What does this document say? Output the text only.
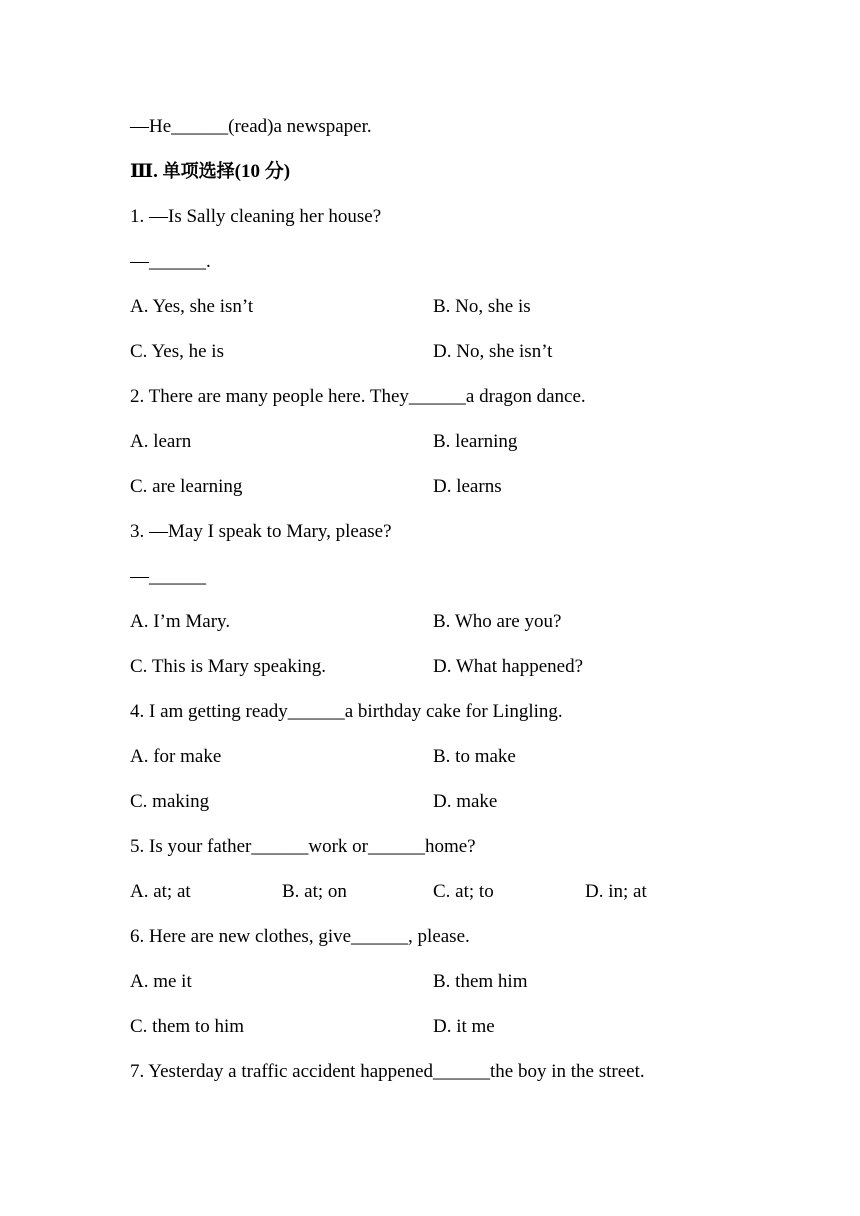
—He______(read)a newspaper.
Ⅲ. 单项选择(10 分)
1. —Is Sally cleaning her house?
—______.
A. Yes, she isn’t	B. No, she is
C. Yes, he is	D. No, she isn’t
2. There are many people here. They______a dragon dance.
A. learn	B. learning
C. are learning	D. learns
3. —May I speak to Mary, please?
—______
A. I’m Mary.	B. Who are you?
C. This is Mary speaking.	D. What happened?
4. I am getting ready______a birthday cake for Lingling.
A. for make	B. to make
C. making	D. make
5. Is your father______work or______home?
A. at; at	B. at; on	C. at; to	D. in; at
6. Here are new clothes, give______, please.
A. me it	B. them him
C. them to him	D. it me
7. Yesterday a traffic accident happened______the boy in the street.
